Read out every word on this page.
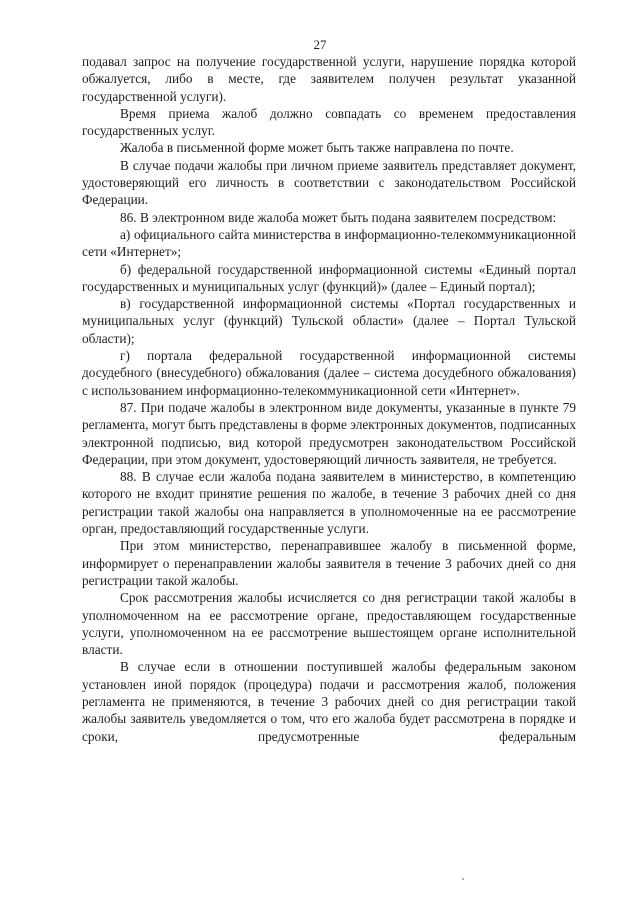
27

подавал запрос на получение государственной услуги, нарушение порядка которой обжалуется, либо в месте, где заявителем получен результат указанной государственной услуги).

Время приема жалоб должно совпадать со временем предоставления государственных услуг.

Жалоба в письменной форме может быть также направлена по почте.

В случае подачи жалобы при личном приеме заявитель представляет документ, удостоверяющий его личность в соответствии с законодательством Российской Федерации.

86. В электронном виде жалоба может быть подана заявителем посредством:

а) официального сайта министерства в информационно-телекоммуникационной сети «Интернет»;

б) федеральной государственной информационной системы «Единый портал государственных и муниципальных услуг (функций)» (далее – Единый портал);

в) государственной информационной системы «Портал государственных и муниципальных услуг (функций) Тульской области» (далее – Портал Тульской области);

г) портала федеральной государственной информационной системы досудебного (внесудебного) обжалования (далее – система досудебного обжалования) с использованием информационно-телекоммуникационной сети «Интернет».

87. При подаче жалобы в электронном виде документы, указанные в пункте 79 регламента, могут быть представлены в форме электронных документов, подписанных электронной подписью, вид которой предусмотрен законодательством Российской Федерации, при этом документ, удостоверяющий личность заявителя, не требуется.

88. В случае если жалоба подана заявителем в министерство, в компетенцию которого не входит принятие решения по жалобе, в течение 3 рабочих дней со дня регистрации такой жалобы она направляется в уполномоченные на ее рассмотрение орган, предоставляющий государственные услуги.

При этом министерство, перенаправившее жалобу в письменной форме, информирует о перенаправлении жалобы заявителя в течение 3 рабочих дней со дня регистрации такой жалобы.

Срок рассмотрения жалобы исчисляется со дня регистрации такой жалобы в уполномоченном на ее рассмотрение органе, предоставляющем государственные услуги, уполномоченном на ее рассмотрение вышестоящем органе исполнительной власти.

В случае если в отношении поступившей жалобы федеральным законом установлен иной порядок (процедура) подачи и рассмотрения жалоб, положения регламента не применяются, в течение 3 рабочих дней со дня регистрации такой жалобы заявитель уведомляется о том, что его жалоба будет рассмотрена в порядке и сроки, предусмотренные федеральным
